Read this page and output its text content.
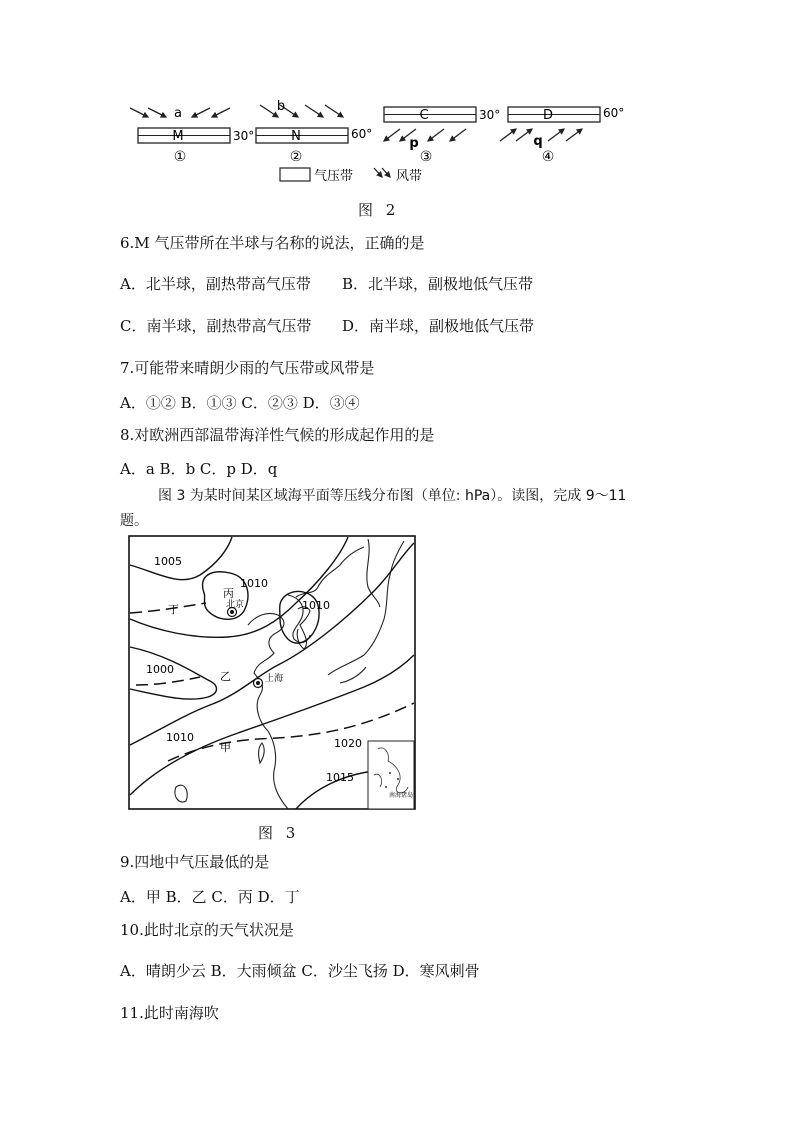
a
M	30°
①
b
N	60°
②
C	30°
p
③
D	60°
q
④
气压带	风带
图 2
6.M 气压带所在半球与名称的说法，正确的是
A．北半球，副热带高气压带 B．北半球，副极地低气压带
C．南半球，副热带高气压带 D．南半球，副极地低气压带
7.可能带来晴朗少雨的气压带或风带是
A．①② B．①③ C．②③ D．③④
8.对欧洲西部温带海洋性气候的形成起作用的是
A．a B．b C．p D．q
图 3 为某时间某区域海平面等压线分布图（单位: hPa）。读图，完成 9～11
题。
南海诸岛
1005
1010
1010
1000
1010	1020
1015
丙
丁
乙
甲
北京
上海
图 3
9.四地中气压最低的是
A．甲 B．乙 C．丙 D．丁
10.此时北京的天气状况是
A．晴朗少云 B．大雨倾盆 C．沙尘飞扬 D．寒风刺骨
11.此时南海吹
